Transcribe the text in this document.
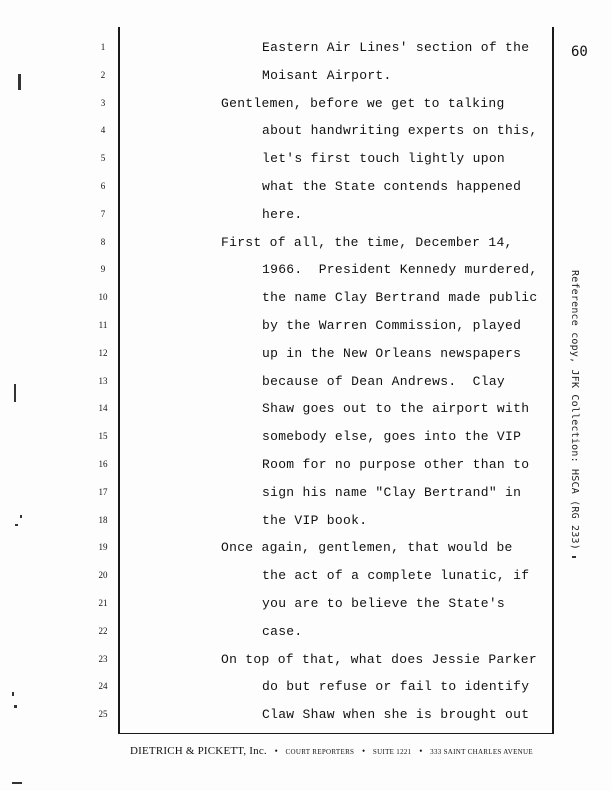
60
1	Eastern Air Lines' section of the
2	Moisant Airport.
3	Gentlemen, before we get to talking
4	about handwriting experts on this,
5	let's first touch lightly upon
6	what the State contends happened
7	here.
8	First of all, the time, December 14,
9	1966.  President Kennedy murdered,
10	the name Clay Bertrand made public
11	by the Warren Commission, played
12	up in the New Orleans newspapers
13	because of Dean Andrews.  Clay
14	Shaw goes out to the airport with
15	somebody else, goes into the VIP
16	Room for no purpose other than to
17	sign his name "Clay Bertrand" in
18	the VIP book.
19	Once again, gentlemen, that would be
20	the act of a complete lunatic, if
21	you are to believe the State's
22	case.
23	On top of that, what does Jessie Parker
24	do but refuse or fail to identify
25	Claw Shaw when she is brought out
DIETRICH & PICKETT, Inc. • COURT REPORTERS • SUITE 1221 • 333 SAINT CHARLES AVENUE
Reference copy, JFK Collection: HSCA (RG 233)
